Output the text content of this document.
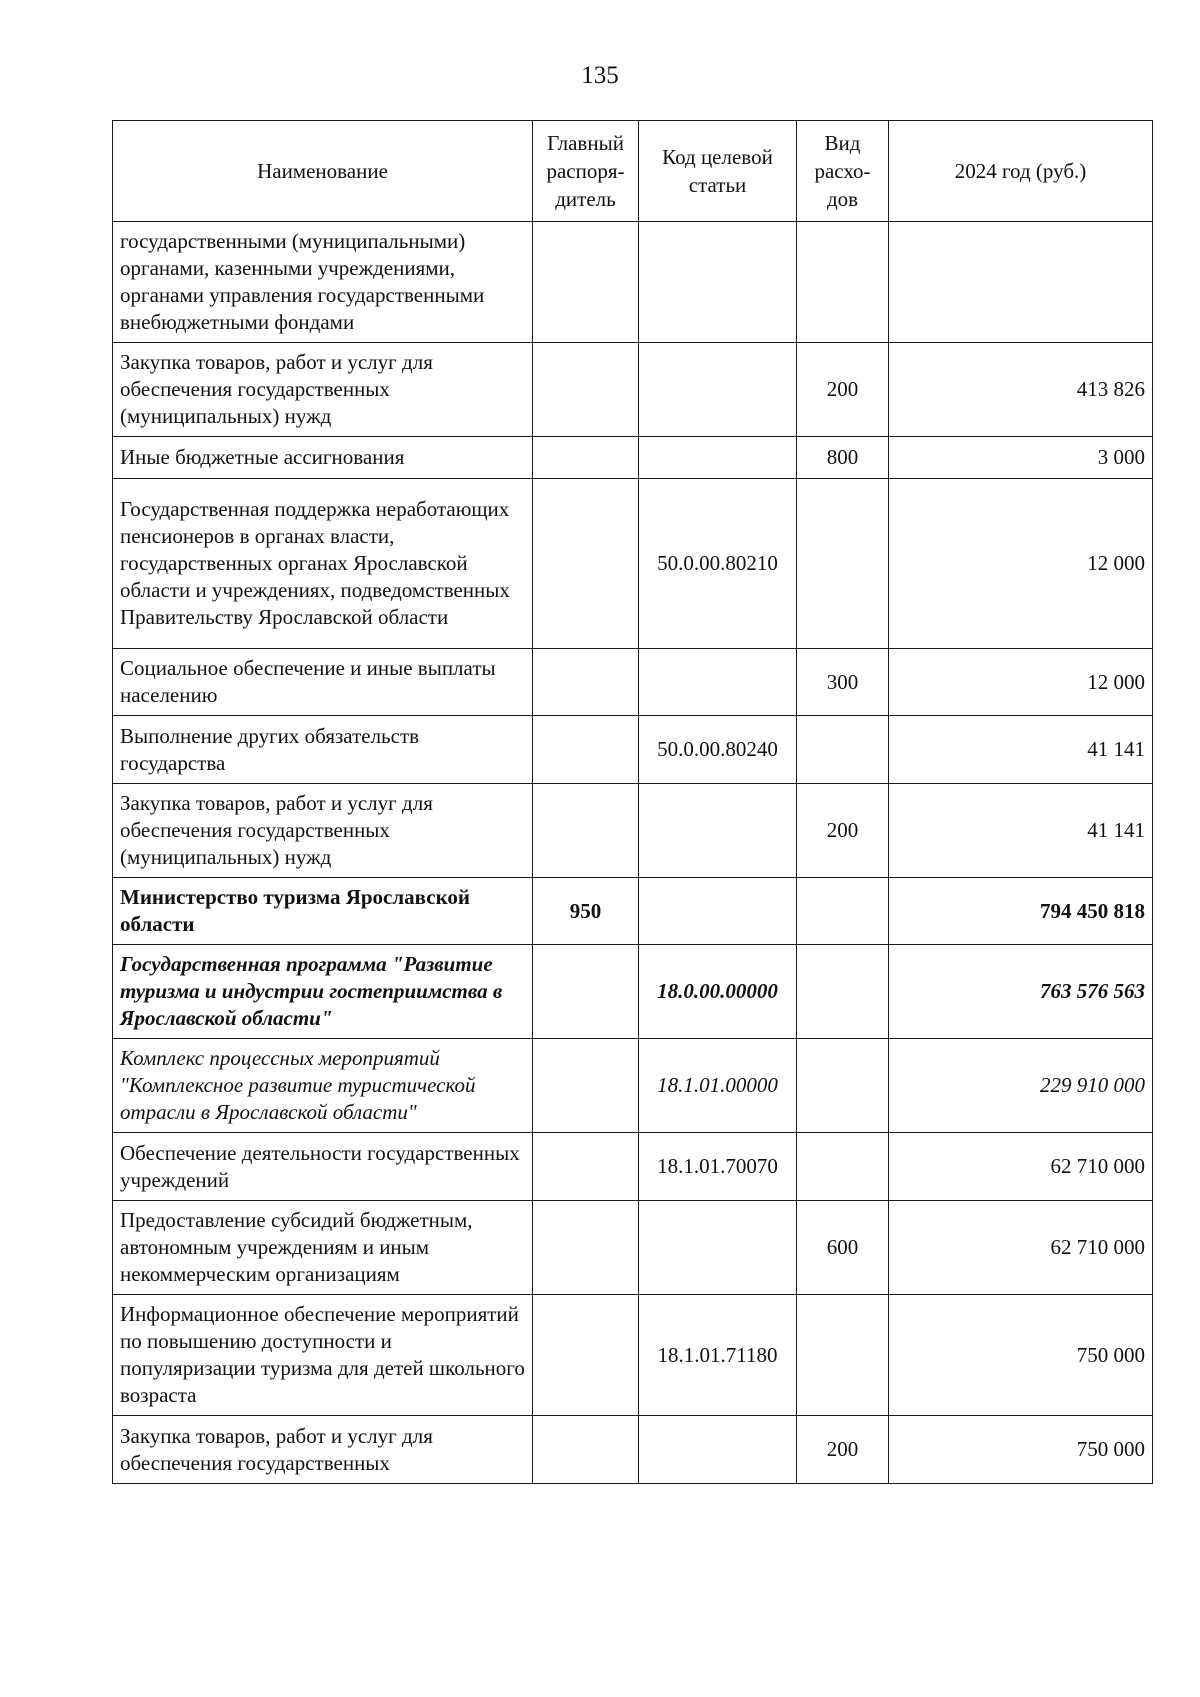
135
Наименование	Главный распоря-дитель	Код целевой статьи	Вид расхо-дов	2024 год (руб.)
государственными (муниципальными) органами, казенными учреждениями, органами управления государственными внебюджетными фондами				
Закупка товаров, работ и услуг для обеспечения государственных (муниципальных) нужд			200	413 826
Иные бюджетные ассигнования			800	3 000
Государственная поддержка неработающих пенсионеров в органах власти, государственных органах Ярославской области и учреждениях, подведомственных Правительству Ярославской области		50.0.00.80210		12 000
Социальное обеспечение и иные выплаты населению			300	12 000
Выполнение других обязательств государства		50.0.00.80240		41 141
Закупка товаров, работ и услуг для обеспечения государственных (муниципальных) нужд			200	41 141
Министерство туризма Ярославской области	950			794 450 818
Государственная программа "Развитие туризма и индустрии гостеприимства в Ярославской области"		18.0.00.00000		763 576 563
Комплекс процессных мероприятий "Комплексное развитие туристической отрасли в Ярославской области"		18.1.01.00000		229 910 000
Обеспечение деятельности государственных учреждений		18.1.01.70070		62 710 000
Предоставление субсидий бюджетным, автономным учреждениям и иным некоммерческим организациям			600	62 710 000
Информационное обеспечение мероприятий по повышению доступности и популяризации туризма для детей школьного возраста		18.1.01.71180		750 000
Закупка товаров, работ и услуг для обеспечения государственных			200	750 000
